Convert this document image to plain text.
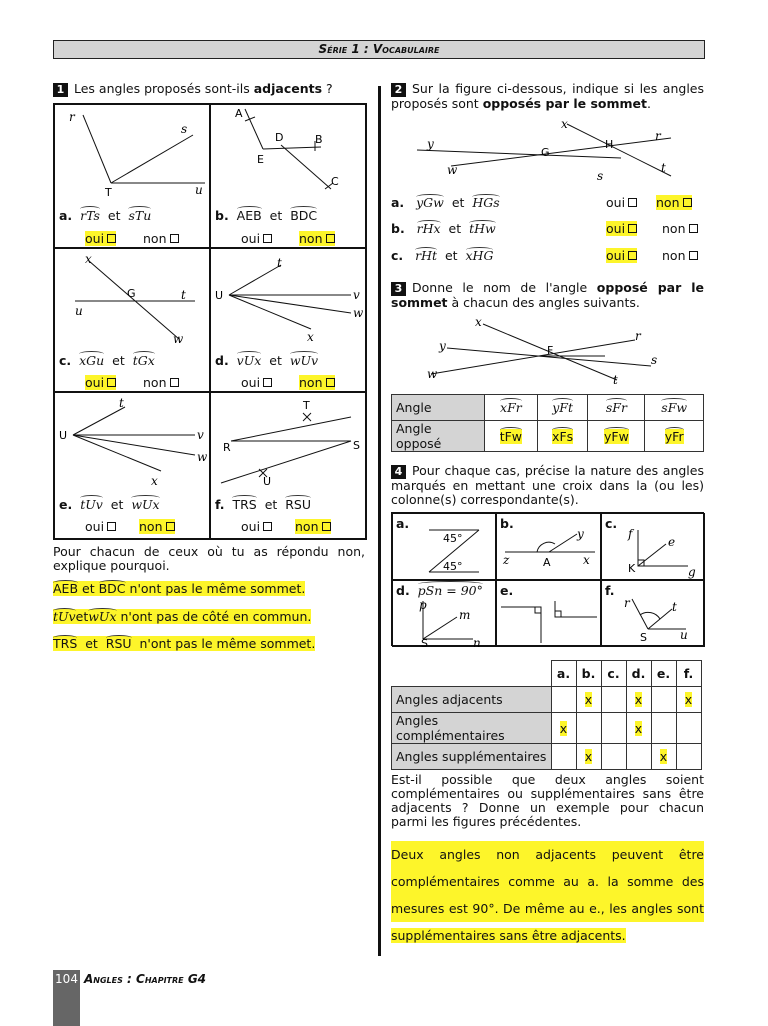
Série 1 : Vocabulaire
1 Les angles proposés sont-ils adjacents ?
r
s
T	u
a. rTs et sTu
oui	non
A
B
D
E
C
b. AEB et BDC
oui	non
x
G	t
u
w
c. xGu et tGx
oui	non
t
U	v
w
x
d. vUx et wUv
oui	non
t
U	v
w
x
e. tUv et wUx
oui	non
T
R	S
U
f. TRS et RSU
oui	non
Pour chacun de ceux où tu as répondu non, explique pourquoi.
AEB et BDC n'ont pas le même sommet.
tUvetwUx n'ont pas de côté en commun.
TRS et RSU n'ont pas le même sommet.
2 Sur la figure ci-dessous, indique si les angles proposés sont opposés par le sommet.
x
r
y
G
H
w	t
s
a. yGw et HGs	oui	non
b. rHx et tHw	oui	non
c. rHt et xHG	oui	non
3 Donne le nom de l'angle opposé par le sommet à chacun des angles suivants.
x
r
y	F
s
w	t
Angle	xFr	yFt	sFr	sFw
Angle opposé	tFw	xFs	yFw	yFr
4 Pour chaque cas, précise la nature des angles marqués en mettant une croix dans la (ou les) colonne(s) correspondante(s).
a.
45°
45°
b.
y
z	A	x
c.
f
e
K	g
d. pSn = 90°
p
m
S	n
e.	f.
r	t
S	u
	a.	b.	c.	d.	e.	f.
Angles adjacents		x		x		x
Angles complémentaires	x			x		
Angles supplémentaires		x			x	
Est-il possible que deux angles soient complémentaires ou supplémentaires sans être adjacents ? Donne un exemple pour chacun parmi les figures précédentes.
Deux angles non adjacents peuvent être
complémentaires comme au a. la somme des
mesures est 90°. De même au e., les angles sont
supplémentaires sans être adjacents.
104 Angles : Chapitre G4
